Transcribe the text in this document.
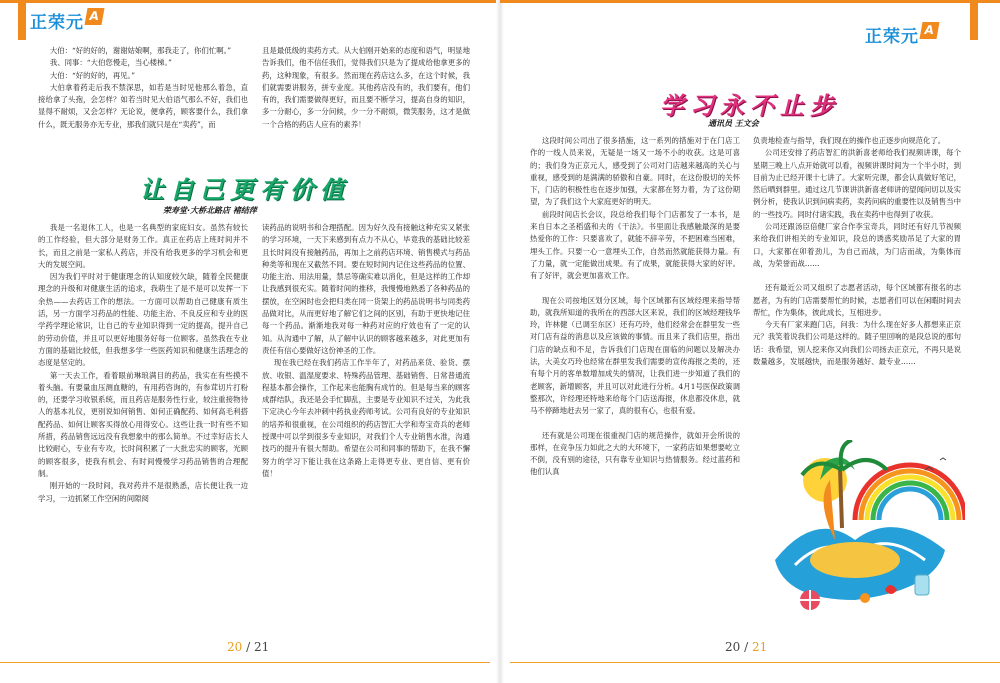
正荣元 A

大伯：“好的好的，谢谢姑娘啊，那我走了，你们忙啊。”

我、同事：“大伯您慢走，当心楼梯。”

大伯：“好的好的，再见。”

大伯拿着药走后我不禁深思，如若是当时见他那么着急，直接给拿了头孢，会怎样？如若当时见大伯语气那么不好，我们也显得不耐烦，又会怎样？无论说，便拿药，顾客要什么，我们拿什么，既无服务亦无专业，那我们就只是在“卖药”，而

且是最低级的卖药方式。从大伯刚开始来的态度和语气，明显地告诉我们，他不信任我们，觉得我们只是为了提成给他拿更多的药，这种现象，有很多。然而现在药店这么多，在这个时候，我们就需要讲服务，拼专业度。其他药店没有的，我们要有，他们有的，我们需要做得更好，而且要不断学习，提高自身的知识，多一分耐心，多一分问候，少一分不耐烦，微笑服务，这才是做一个合格的药店人应有的素养！

让自己更有价值
荣寿堂·大桥北路店 褚结萍

我是一名退休工人，也是一名典型的家庭妇女。虽然有较长的工作经验，但大部分是财务工作。真正在药店上班时间并不长，而且之前是一家私人药店，并没有给我更多的学习机会和更大的发展空间。

因为我们平时对于健康理念的认知度较欠缺，随着全民健康理念的升级和对健康生活的追求，我萌生了是不是可以发挥一下余热——去药店工作的想法。一方面可以帮助自己健康有质生活，另一方面学习药品的性能、功能主治、不良反应和专业的医学药学理论常识，让自己的专业知识得到一定的提高，提升自己的劳动价值，并且可以更好地服务好每一位顾客。虽然我在专业方面的基础比较低，但我想多学一些医药知识和健康生活理念的态度是坚定的。

第一天去工作，看着眼前琳琅满目的药品，我实在有些摸不着头脑。有要量血压测血糖的，有用药咨询的，有参茸切片打粉的，还要学习收银系统，而且药店是服务性行业，较注重接物待人的基本礼仪，更别说如何销售、如何正确配药、如何高毛利搭配药品、如何让顾客买得放心用得安心。这些让我一时有些不知所措，药品销售远远没有我想象中的那么简单。不过幸好店长人比较耐心，专业有专攻，长时间积累了一大批忠实的顾客，光顾的顾客很多，使我有机会、有时间慢慢学习药品销售的合理配制。

刚开始的一段时间，我对药并不是很熟悉，店长便让我一边学习，一边抓紧工作空闲的间隙阅

读药品的说明书和合理搭配。因为好久没有接触这种充实又紧张的学习环境，一天下来感到有点力不从心，毕竟我的基础比较差且长时间没有接触药品，再加上之前药店环境、销售模式与药品种类等和现在又截然不同。要在短时间内记住这些药品的位置、功能主治、用法用量，禁忌等确实难以消化，但是这样的工作却让我感到很充实。随着时间的推移，我慢慢地熟悉了各种药品的摆放，在空闲时也会把归类在同一货架上的药品说明书与同类药品做对比，从而更好地了解它们之间的区别，有助于更快地记住每一个药品。渐渐地我对每一种药对应的疗效也有了一定的认知。从沟通中了解，从了解中认识的顾客越来越多，对此更加有责任有信心要做好这份神圣的工作。

现在我已经在我们药店工作半年了，对药品来货、验货、摆放、收银、温湿度要求、特殊药品管理、基础销售、日常普通流程基本都会操作，工作起来也能胸有成竹的。但是每当来的顾客成群结队，我还是会手忙脚乱，主要是专业知识不过关，为此我下定决心今年去冲刺中药执业药师考试。公司有良好的专业知识的培养和很重视，在公司组织的药店智汇大学和寿宝奇兵的老师授课中可以学到很多专业知识，对我们个人专业销售水准，沟通技巧的提升有很大帮助。希望在公司和同事的帮助下，在我不懈努力的学习下能让我在这条路上走得更专业、更自信、更有价值！

20 / 21
正荣元 A
学习永不止步
通讯员 王文会

这段时间公司出了很多措施，这一系列的措施对于在门店工作的一线人员来说，无疑是一场又一场不小的收获。这是可喜的；我们身为正京元人，感受到了公司对门店越来越高的关心与重视，感受到的是满满的骄傲和自豪。同时，在这份殷切的关怀下，门店的积极性也在逐步加强，大家都在努力着，为了这份期望，为了我们这个大家庭更好的明天。

前段时间店长会议，段总给我们每个门店都发了一本书，是来自日本之圣稻盛和夫的《干法》。书里面让我感触最深的是要热爱你的工作：只要喜欢了，就能不辞辛劳，不把困难当困难，埋头工作。只要一心一意埋头工作，自然而然就能获得力量。有了力量，就一定能做出成果。有了成果，就能获得大家的好评。有了好评，就会更加喜欢工作。

现在公司按地区划分区域，每个区域都有区域经理来指导帮助，就我所知道的我所在的西部大区来说，我们的区域经理钱华玲，许林健（已调至东区）还有巧玲，他们经常会在群里发一些对门店有益的消息以及应该做的事情。而且来了我们店里，指出门店的缺点和不足，告诉我们门店现在面临的问题以及解决办法，大美女巧玲也经常在群里发我们需要的宣传海报之类的，还有每个月的客单数增加成失的情况，让我们进一步知道了我们的老顾客，新增顾客，并且可以对此进行分析。4月1号医保政策调整那次，许经理还特地来给每个门店送海报，休息都没休息，就马不停蹄地赶去另一家了，真的很有心，也很有爱。

还有就是公司现在很重视门店的规范操作，就如开会所说的那样，在竞争压力如此之大的大环境下，一家药店如果想要屹立不倒，没有别的途径，只有靠专业知识与热情服务。经过蓝药和他们认真

负责地检查与指导，我们现在的操作也正逐步向规范化了。

公司还安排了药店智汇的洪新喜老师给我们视频讲课，每个星期三晚上八点开始就可以看，视频讲课时间为一个半小时，到目前为止已经开课十七讲了。大家听完课，都会认真做好笔记，然后晒到群里。通过这几节课讲洪新喜老师讲的望闻问切以及实例分析，使我认识到问病卖药，卖药问病的重要性以及销售当中的一些技巧。同时付诸实践，我在卖药中也得到了收获。

公司还跟汤臣倍健厂家合作李宝奇兵，同时还有好几节视频来给我们讲相关的专业知识，段总的诱惑奖励吊足了大家的胃口，大家都在卯着劲儿，为自己而战，为门店而战，为集体而战，为荣誉而战……

还有最近公司又组织了志愿者活动，每个区域都有报名的志愿者，为有的门店需要帮忙的时候，志愿者们可以在闲暇时间去帮忙，作为集体，彼此成长，互相进步。

今天有厂家来跑门店，问我：为什么现在好多人都想来正京元？我笑着说我们公司是这样的。随子里回响的是段总说的那句话：我希望，别人挖来你又向我们公司扬去正京元，不再只是说数量越多，发展越快，而是服务越好、最专业……

20 / 21
